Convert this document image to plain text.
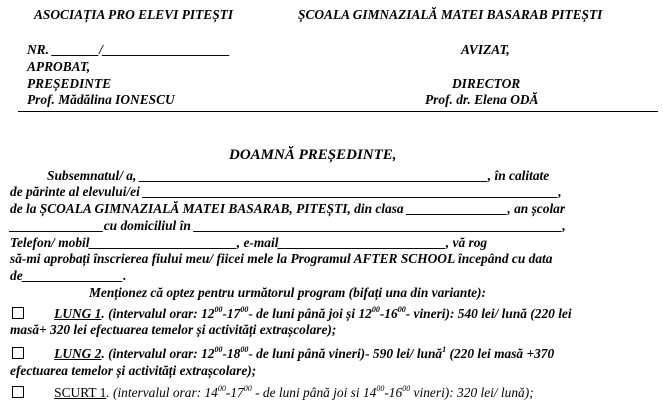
ASOCIAȚIA PRO ELEVI PITEȘTI	ȘCOALA GIMNAZIALĂ MATEI BASARAB PITEȘTI
NR. _______/___________________	AVIZAT,
APROBAT,
PREȘEDINTE	DIRECTOR
Prof. Mădălina IONESCU	Prof. dr. Elena ODĂ
DOAMNĂ PREȘEDINTE,
Subsemnatul/ a, ____________________________________________________, în calitate
de părinte al elevului/ei ______________________________________________________________,
de la ȘCOALA GIMNAZIALĂ MATEI BASARAB, PITEȘTI, din clasa _______________, an școlar
______________cu domiciliul în _______________________________________________________,
Telefon/ mobil______________________, e-mail_________________________, vă rog
să-mi aprobați înscrierea fiului meu/ fiicei mele la Programul AFTER SCHOOL începând cu data
de_______________.
Menționez că optez pentru următorul program (bifați una din variante):
LUNG 1. (intervalul orar: $12^{00}-17^{00}-$ de luni până joi și $12^{00}-16^{00}-$ vineri): 540 lei/ lună (220 lei
masă+ 320 lei efectuarea temelor și activități extrașcolare);
LUNG 2. (intervalul orar: $12^{00}-18^{00}-$ de luni până vineri)- 590 lei/ lună$^1$ (220 lei masă +370
efectuarea temelor și activități extrașcolare);
SCURT 1. (intervalul orar: $14^{00}-17^{00}$ - de luni până joi si $14^{00}-16^{00}$ vineri): 320 lei/ lună);
